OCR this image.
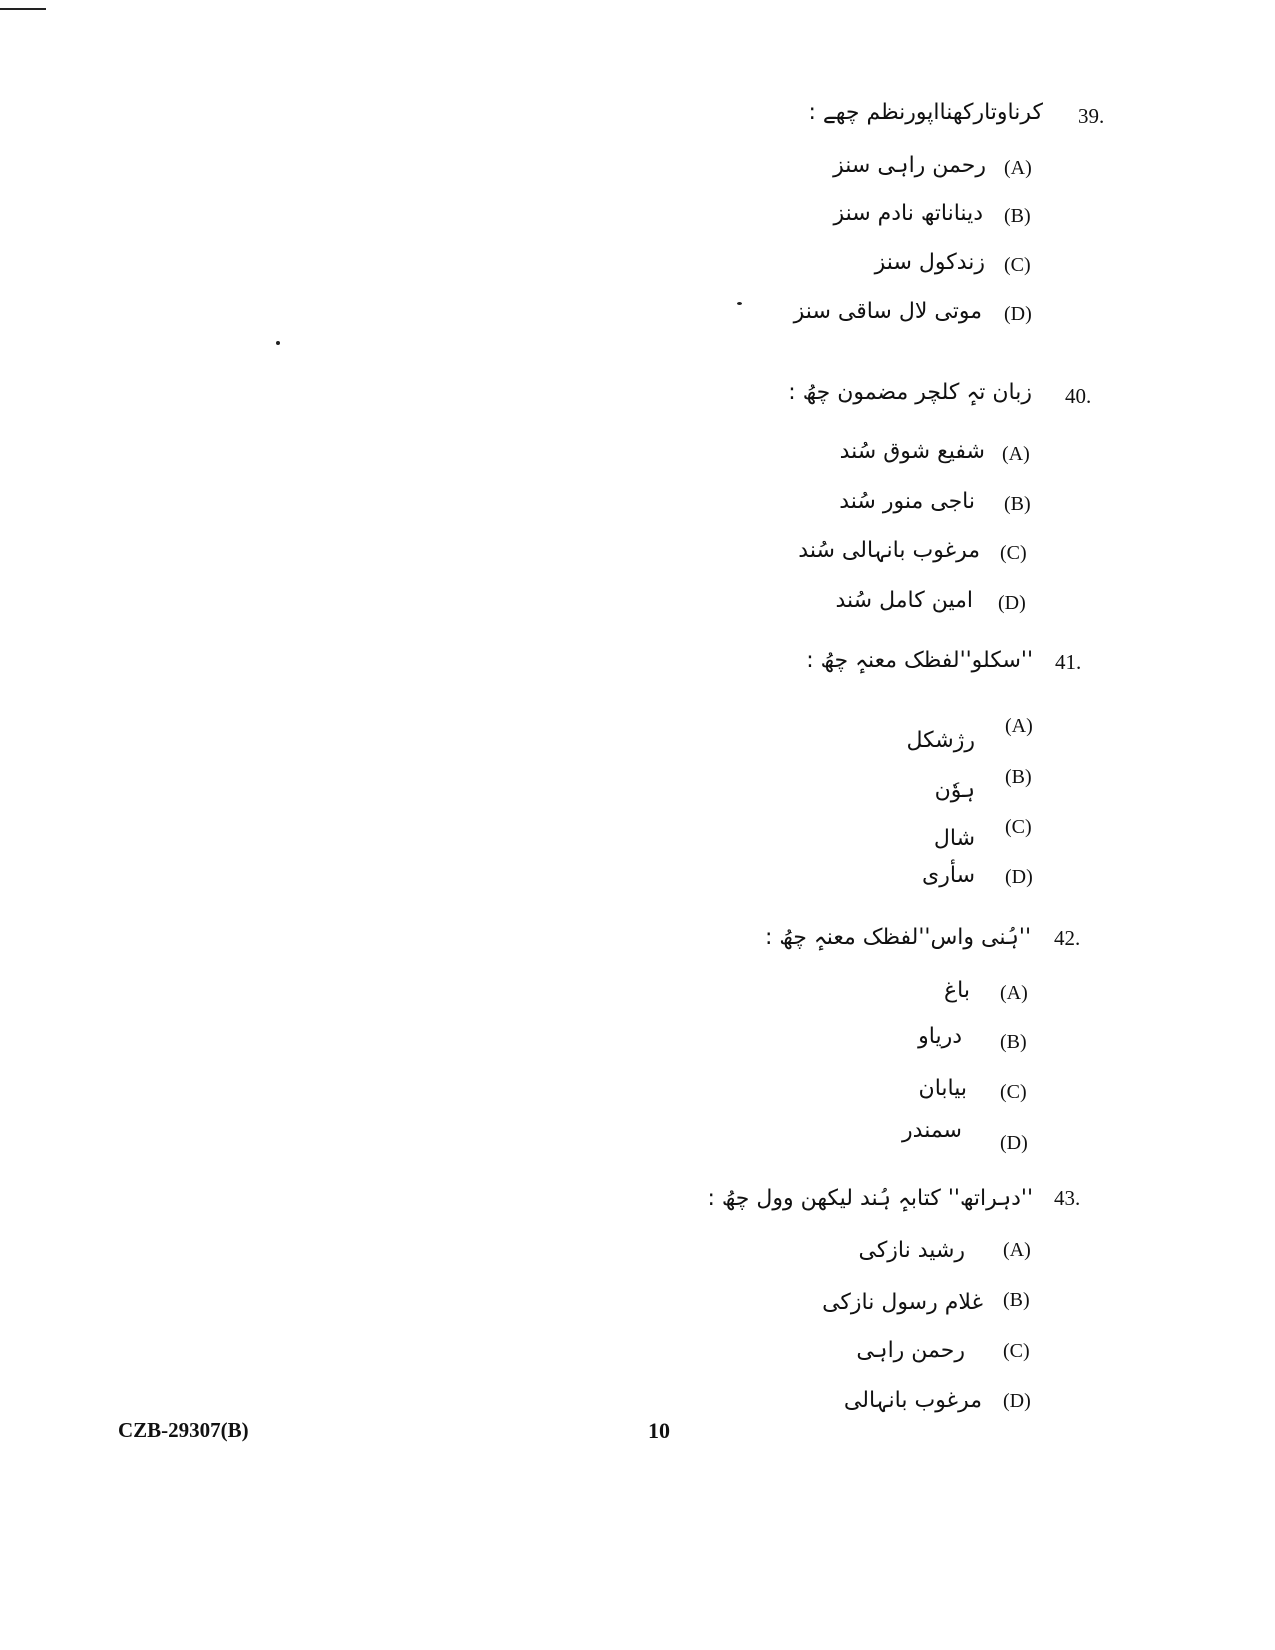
39.
کرناوتارکھنااپورنظم چھے :
(A)
رحمن راہی سنز
(B)
دیناناتھ نادم سنز
(C)
زندکول سنز
(D)
موتی لال ساقی سنز
40.
زبان تہٕ کلچر مضمون چھُ :
(A)
شفیع شوق سُند
(B)
ناجی منور سُند
(C)
مرغوب بانہالی سُند
(D)
امین کامل سُند
41.
''سکلو''لفظک معنہٕ چھُ :
(A)
رژشکل
(B)
ہوٗن
(C)
شال
(D)
سأری
42.
''ہُنی واس''لفظک معنہٕ چھُ :
(A)
باغ
(B)
دریاو
(C)
بیابان
(D)
سمندر
43.
''دہراتھ'' کتابہٕ ہُند لیکھن وول چھُ :
(A)
رشید نازکی
(B)
غلام رسول نازکی
(C)
رحمن راہی
(D)
مرغوب بانہالی
CZB-29307(B)	10
